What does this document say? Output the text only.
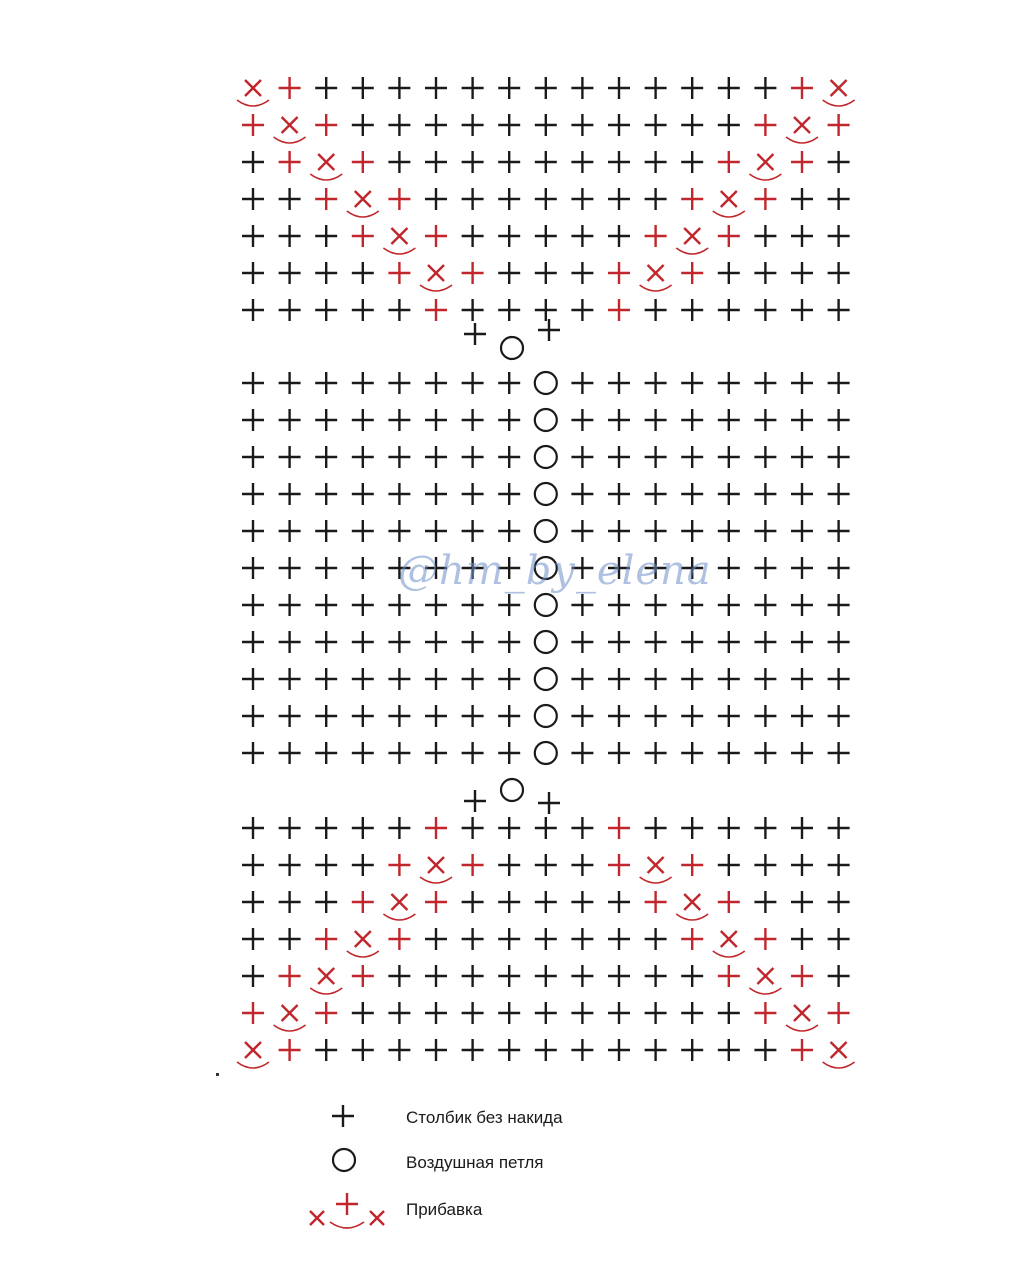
@hm_by_elena
Столбик без накида
Воздушная петля
Прибавка
